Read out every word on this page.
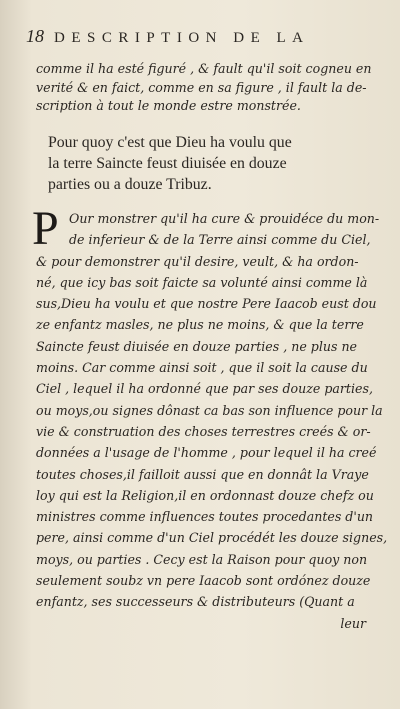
18 DESCRIPTION DE LA
comme il ha esté figuré , & fault qu'il soit cogneu en
verité & en faict, comme en sa figure , il fault la de-
scription à tout le monde estre monstrée.
Pour quoy c'est que Dieu ha voulu que
la terre Saincte feust diuisée en douze
parties ou a douze Tribuz.
P Our monstrer qu'il ha cure & prouidéce du mon-
de inferieur & de la Terre ainsi comme du Ciel,
& pour demonstrer qu'il desire, veult, & ha ordon-
né, que icy bas soit faicte sa volunté ainsi comme là
sus,Dieu ha voulu et que nostre Pere Iaacob eust dou
ze enfantz masles, ne plus ne moins, & que la terre
Saincte feust diuisée en douze parties , ne plus ne
moins. Car comme ainsi soit , que il soit la cause du
Ciel , lequel il ha ordonné que par ses douze parties,
ou moys,ou signes dônast ca bas son influence pour la
vie & construation des choses terrestres creés & or-
données a l'usage de l'homme , pour lequel il ha creé
toutes choses,il failloit aussi que en donnât la Vraye
loy qui est la Religion,il en ordonnast douze chefz ou
ministres comme influences toutes procedantes d'un
pere, ainsi comme d'un Ciel procédét les douze signes,
moys, ou parties . Cecy est la Raison pour quoy non
seulement soubz vn pere Iaacob sont ordónez douze
enfantz, ses successeurs & distributeurs (Quant a
leur
